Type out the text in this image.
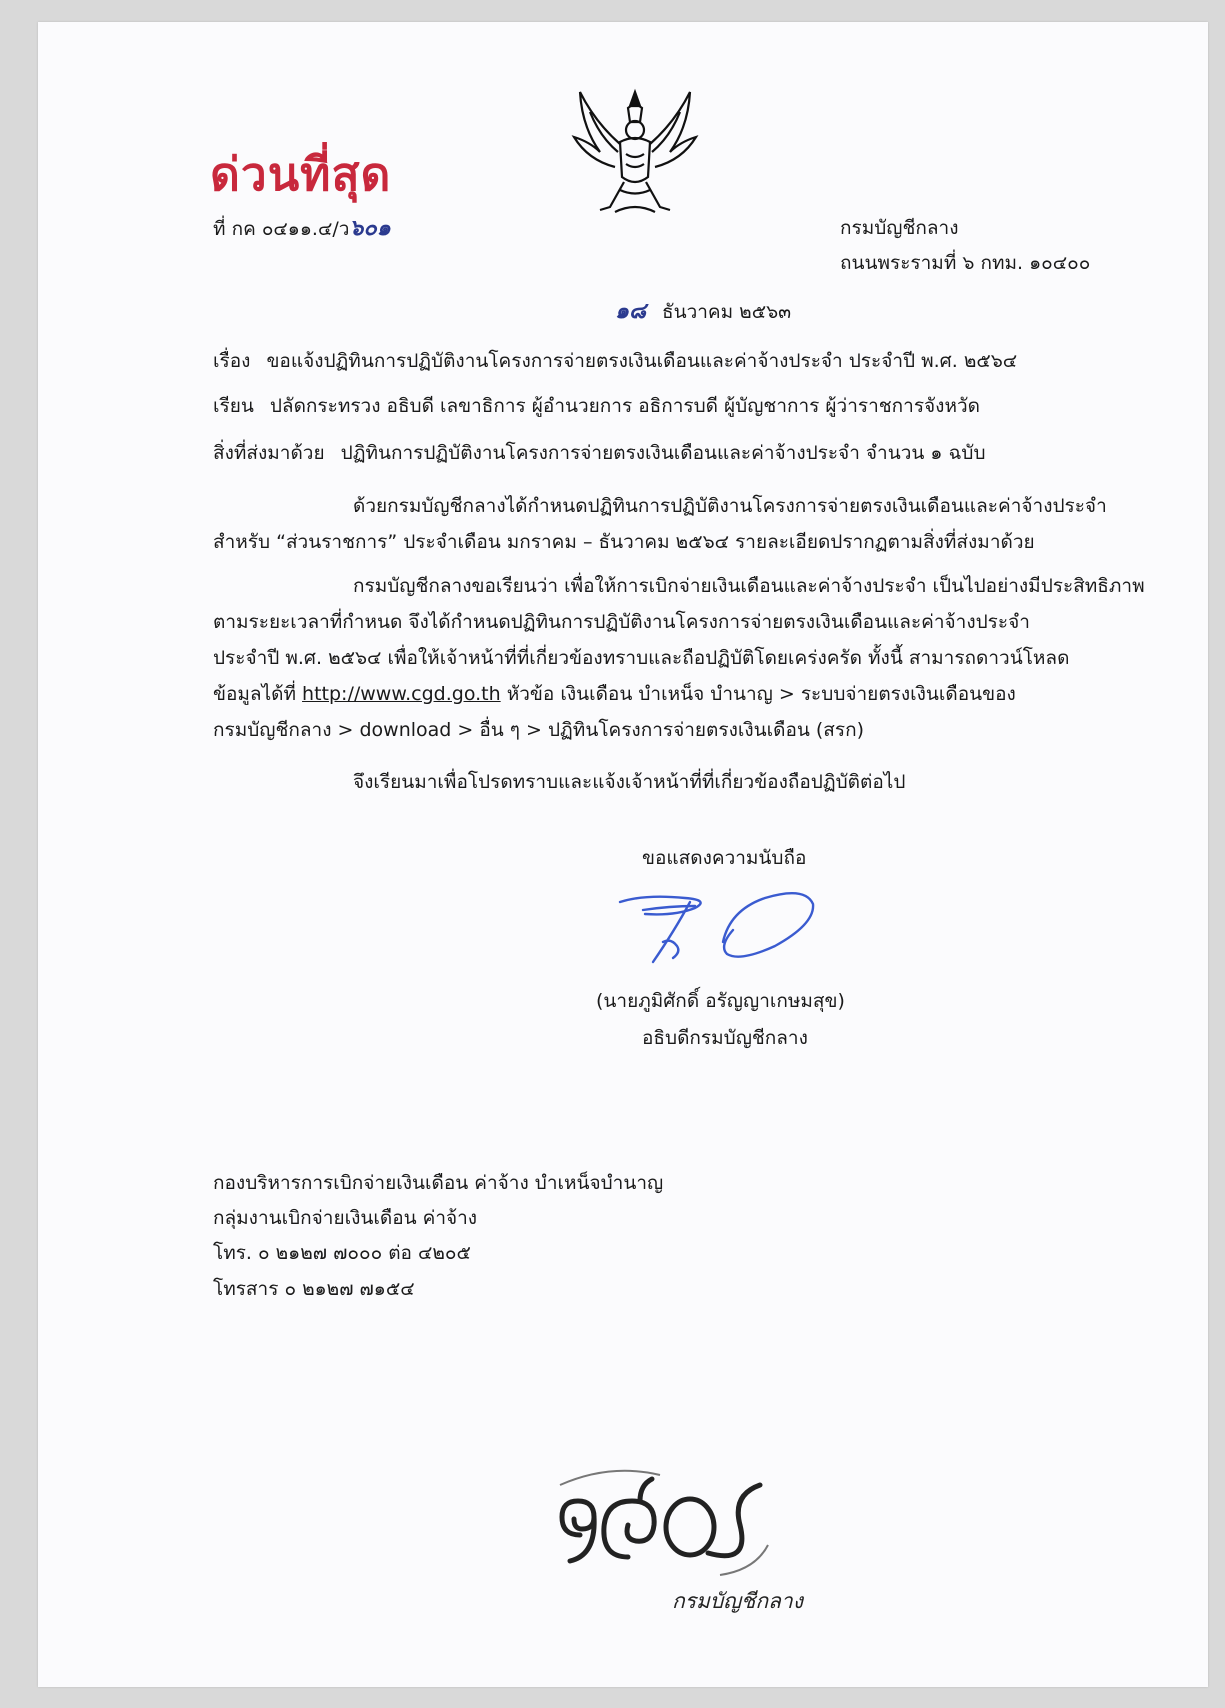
ด่วนที่สุด
ที่ กค ๐๔๑๑.๔/ว๖๐๑	กรมบัญชีกลาง
ถนนพระรามที่ ๖ กทม. ๑๐๔๐๐
๑๘ ธันวาคม ๒๕๖๓
เรื่อง ขอแจ้งปฏิทินการปฏิบัติงานโครงการจ่ายตรงเงินเดือนและค่าจ้างประจำ ประจำปี พ.ศ. ๒๕๖๔
เรียน ปลัดกระทรวง อธิบดี เลขาธิการ ผู้อำนวยการ อธิการบดี ผู้บัญชาการ ผู้ว่าราชการจังหวัด
สิ่งที่ส่งมาด้วย ปฏิทินการปฏิบัติงานโครงการจ่ายตรงเงินเดือนและค่าจ้างประจำ จำนวน ๑ ฉบับ
ด้วยกรมบัญชีกลางได้กำหนดปฏิทินการปฏิบัติงานโครงการจ่ายตรงเงินเดือนและค่าจ้างประจำ
สำหรับ “ส่วนราชการ” ประจำเดือน มกราคม – ธันวาคม ๒๕๖๔ รายละเอียดปรากฏตามสิ่งที่ส่งมาด้วย
กรมบัญชีกลางขอเรียนว่า เพื่อให้การเบิกจ่ายเงินเดือนและค่าจ้างประจำ เป็นไปอย่างมีประสิทธิภาพ
ตามระยะเวลาที่กำหนด จึงได้กำหนดปฏิทินการปฏิบัติงานโครงการจ่ายตรงเงินเดือนและค่าจ้างประจำ
ประจำปี พ.ศ. ๒๕๖๔ เพื่อให้เจ้าหน้าที่ที่เกี่ยวข้องทราบและถือปฏิบัติโดยเคร่งครัด ทั้งนี้ สามารถดาวน์โหลด
ข้อมูลได้ที่ http://www.cgd.go.th หัวข้อ เงินเดือน บำเหน็จ บำนาญ > ระบบจ่ายตรงเงินเดือนของ
กรมบัญชีกลาง > download > อื่น ๆ > ปฏิทินโครงการจ่ายตรงเงินเดือน (สรก)
จึงเรียนมาเพื่อโปรดทราบและแจ้งเจ้าหน้าที่ที่เกี่ยวข้องถือปฏิบัติต่อไป
ขอแสดงความนับถือ
(นายภูมิศักดิ์ อรัญญาเกษมสุข)
อธิบดีกรมบัญชีกลาง
กองบริหารการเบิกจ่ายเงินเดือน ค่าจ้าง บำเหน็จบำนาญ
กลุ่มงานเบิกจ่ายเงินเดือน ค่าจ้าง
โทร. ๐ ๒๑๒๗ ๗๐๐๐ ต่อ ๔๒๐๕
โทรสาร ๐ ๒๑๒๗ ๗๑๕๔
กรมบัญชีกลาง
